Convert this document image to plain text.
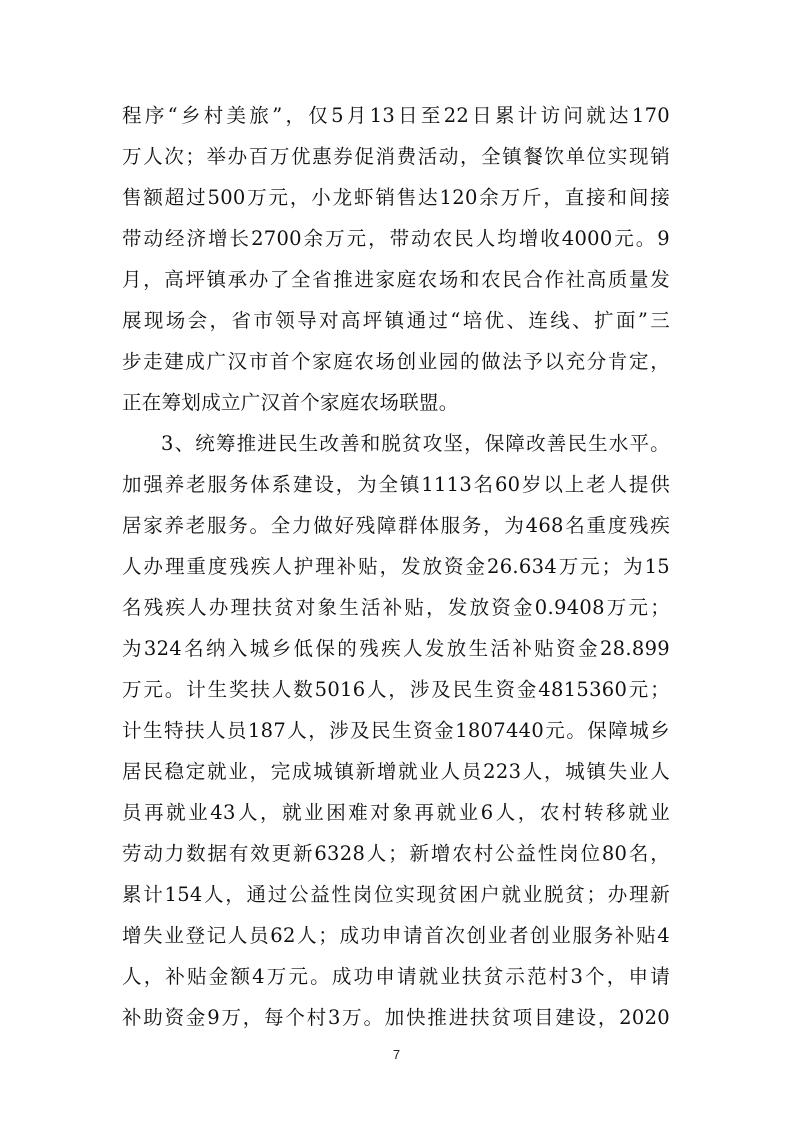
程序“乡村美旅”，仅5月13日至22日累计访问就达170
万人次；举办百万优惠券促消费活动，全镇餐饮单位实现销
售额超过500万元，小龙虾销售达120余万斤，直接和间接
带动经济增长2700余万元，带动农民人均增收4000元。9
月，高坪镇承办了全省推进家庭农场和农民合作社高质量发
展现场会，省市领导对高坪镇通过“培优、连线、扩面”三
步走建成广汉市首个家庭农场创业园的做法予以充分肯定，
正在筹划成立广汉首个家庭农场联盟。
3、统筹推进民生改善和脱贫攻坚，保障改善民生水平。
加强养老服务体系建设，为全镇1113名60岁以上老人提供
居家养老服务。全力做好残障群体服务，为468名重度残疾
人办理重度残疾人护理补贴，发放资金26.634万元；为15
名残疾人办理扶贫对象生活补贴，发放资金0.9408万元；
为324名纳入城乡低保的残疾人发放生活补贴资金28.899
万元。计生奖扶人数5016人，涉及民生资金4815360元；
计生特扶人员187人，涉及民生资金1807440元。保障城乡
居民稳定就业，完成城镇新增就业人员223人，城镇失业人
员再就业43人，就业困难对象再就业6人，农村转移就业
劳动力数据有效更新6328人；新增农村公益性岗位80名，
累计154人，通过公益性岗位实现贫困户就业脱贫；办理新
增失业登记人员62人；成功申请首次创业者创业服务补贴4
人，补贴金额4万元。成功申请就业扶贫示范村3个，申请
补助资金9万，每个村3万。加快推进扶贫项目建设，2020
7
